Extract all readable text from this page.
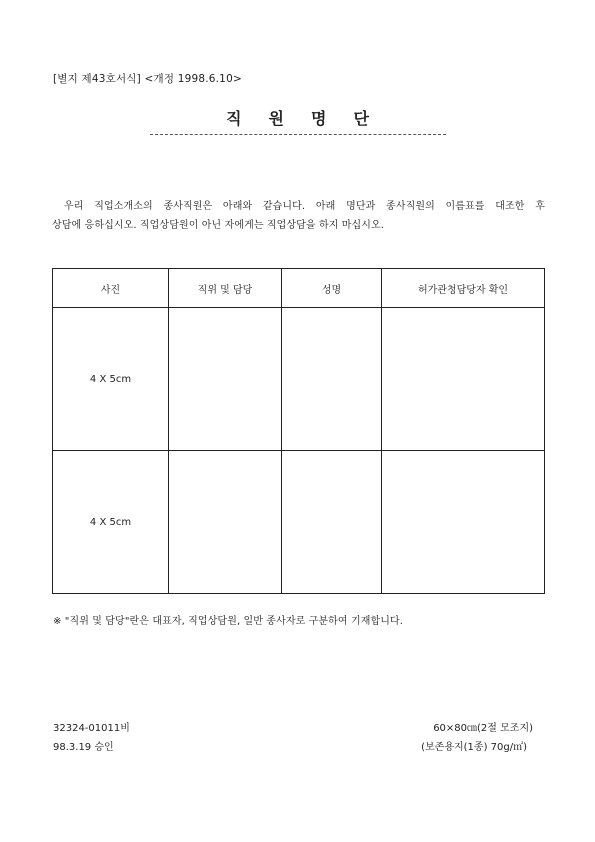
[별지 제43호서식] <개정 1998.6.10>
직원명단
우리 직업소개소의 종사직원은 아래와 같습니다. 아래 명단과 종사직원의 이름표를 대조한 후
상담에 응하십시오. 직업상담원이 아닌 자에게는 직업상담을 하지 마십시오.
사진	직위 및 담당	성명	허가관청담당자 확인
4 X 5cm			
4 X 5cm			
※ "직위 및 담당"란은 대표자, 직업상담원, 일반 종사자로 구분하여 기재합니다.
32324-01011비
98.3.19 승인
60×80㎝(2절 모조지)
(보존용지(1종) 70g/㎡)
